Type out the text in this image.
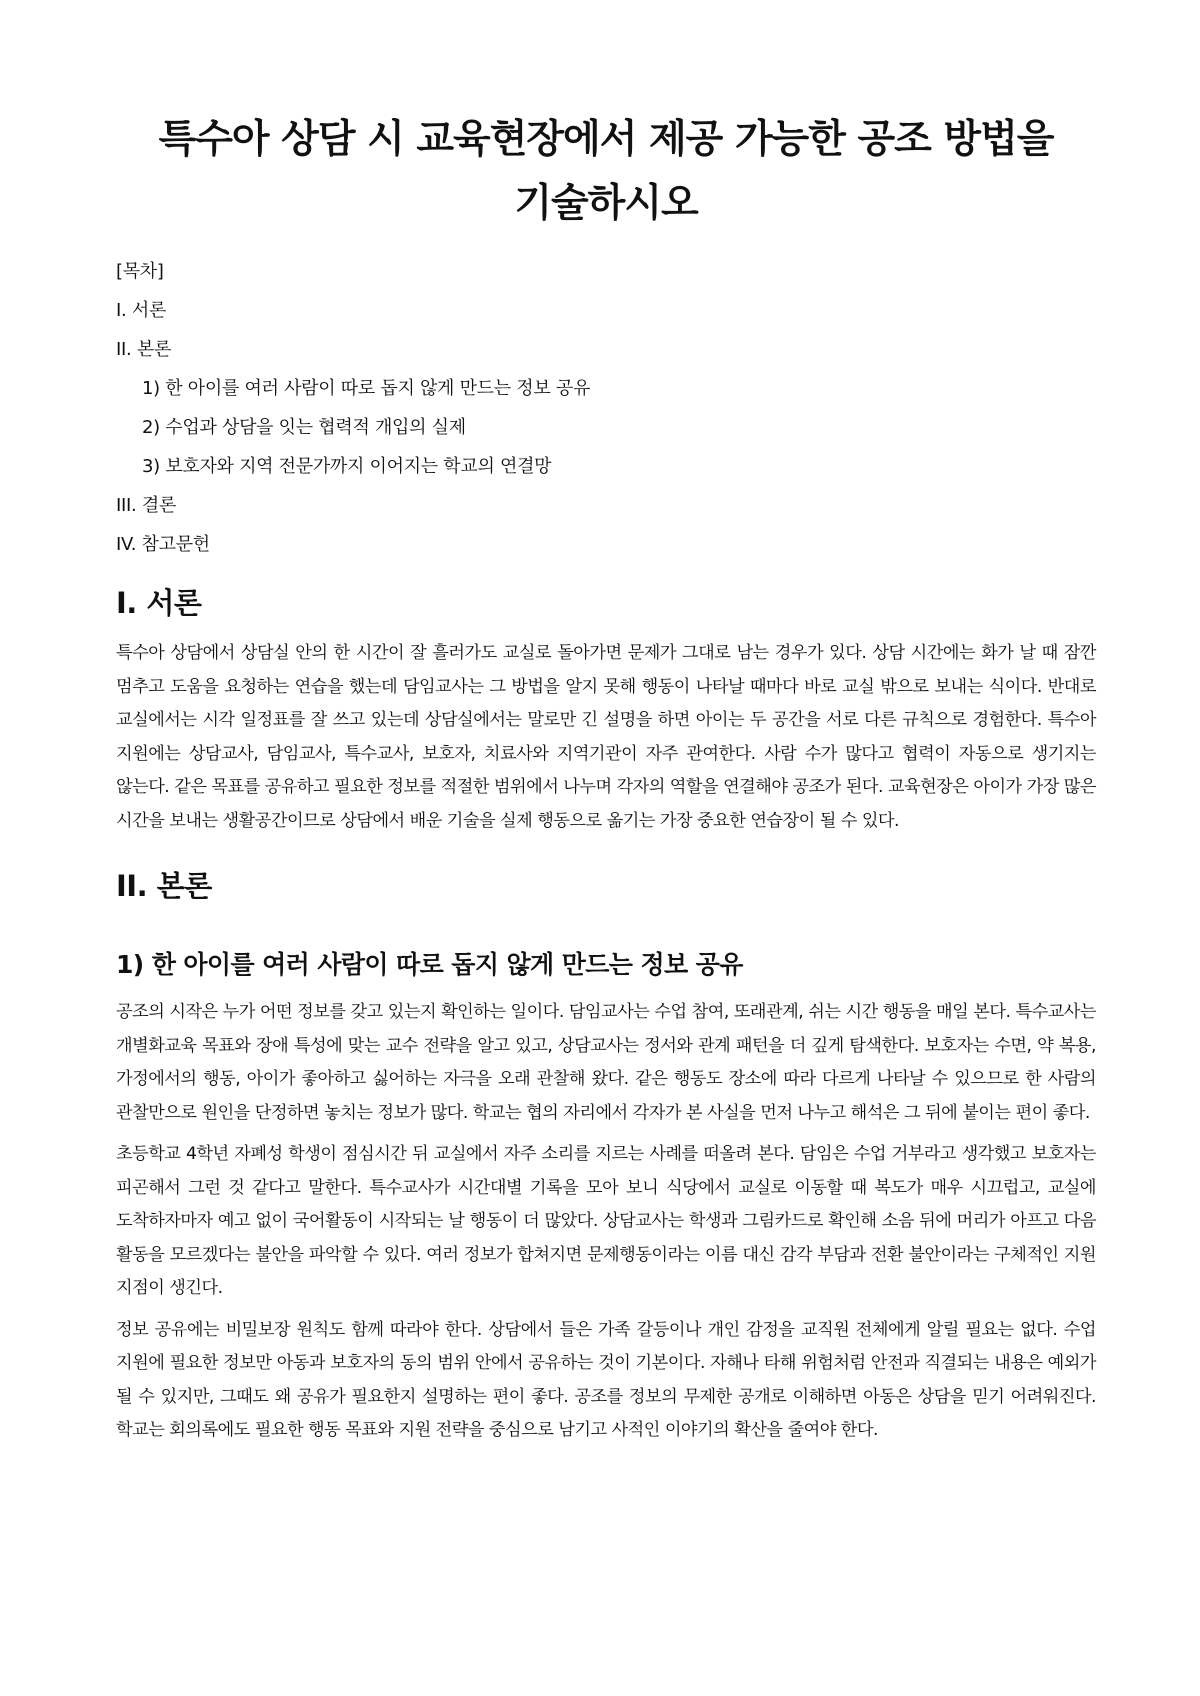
특수아 상담 시 교육현장에서 제공 가능한 공조 방법을 기술하시오
[목차]
I. 서론
II. 본론
1) 한 아이를 여러 사람이 따로 돕지 않게 만드는 정보 공유
2) 수업과 상담을 잇는 협력적 개입의 실제
3) 보호자와 지역 전문가까지 이어지는 학교의 연결망
III. 결론
IV. 참고문헌
I. 서론

특수아 상담에서 상담실 안의 한 시간이 잘 흘러가도 교실로 돌아가면 문제가 그대로 남는 경우가 있다. 상담 시간에는 화가 날 때 잠깐 멈추고 도움을 요청하는 연습을 했는데 담임교사는 그 방법을 알지 못해 행동이 나타날 때마다 바로 교실 밖으로 보내는 식이다. 반대로 교실에서는 시각 일정표를 잘 쓰고 있는데 상담실에서는 말로만 긴 설명을 하면 아이는 두 공간을 서로 다른 규칙으로 경험한다. 특수아 지원에는 상담교사, 담임교사, 특수교사, 보호자, 치료사와 지역기관이 자주 관여한다. 사람 수가 많다고 협력이 자동으로 생기지는 않는다. 같은 목표를 공유하고 필요한 정보를 적절한 범위에서 나누며 각자의 역할을 연결해야 공조가 된다. 교육현장은 아이가 가장 많은 시간을 보내는 생활공간이므로 상담에서 배운 기술을 실제 행동으로 옮기는 가장 중요한 연습장이 될 수 있다.

II. 본론
1) 한 아이를 여러 사람이 따로 돕지 않게 만드는 정보 공유

공조의 시작은 누가 어떤 정보를 갖고 있는지 확인하는 일이다. 담임교사는 수업 참여, 또래관계, 쉬는 시간 행동을 매일 본다. 특수교사는 개별화교육 목표와 장애 특성에 맞는 교수 전략을 알고 있고, 상담교사는 정서와 관계 패턴을 더 깊게 탐색한다. 보호자는 수면, 약 복용, 가정에서의 행동, 아이가 좋아하고 싫어하는 자극을 오래 관찰해 왔다. 같은 행동도 장소에 따라 다르게 나타날 수 있으므로 한 사람의 관찰만으로 원인을 단정하면 놓치는 정보가 많다. 학교는 협의 자리에서 각자가 본 사실을 먼저 나누고 해석은 그 뒤에 붙이는 편이 좋다.

초등학교 4학년 자폐성 학생이 점심시간 뒤 교실에서 자주 소리를 지르는 사례를 떠올려 본다. 담임은 수업 거부라고 생각했고 보호자는 피곤해서 그런 것 같다고 말한다. 특수교사가 시간대별 기록을 모아 보니 식당에서 교실로 이동할 때 복도가 매우 시끄럽고, 교실에 도착하자마자 예고 없이 국어활동이 시작되는 날 행동이 더 많았다. 상담교사는 학생과 그림카드로 확인해 소음 뒤에 머리가 아프고 다음 활동을 모르겠다는 불안을 파악할 수 있다. 여러 정보가 합쳐지면 문제행동이라는 이름 대신 감각 부담과 전환 불안이라는 구체적인 지원 지점이 생긴다.

정보 공유에는 비밀보장 원칙도 함께 따라야 한다. 상담에서 들은 가족 갈등이나 개인 감정을 교직원 전체에게 알릴 필요는 없다. 수업 지원에 필요한 정보만 아동과 보호자의 동의 범위 안에서 공유하는 것이 기본이다. 자해나 타해 위험처럼 안전과 직결되는 내용은 예외가 될 수 있지만, 그때도 왜 공유가 필요한지 설명하는 편이 좋다. 공조를 정보의 무제한 공개로 이해하면 아동은 상담을 믿기 어려워진다. 학교는 회의록에도 필요한 행동 목표와 지원 전략을 중심으로 남기고 사적인 이야기의 확산을 줄여야 한다.
